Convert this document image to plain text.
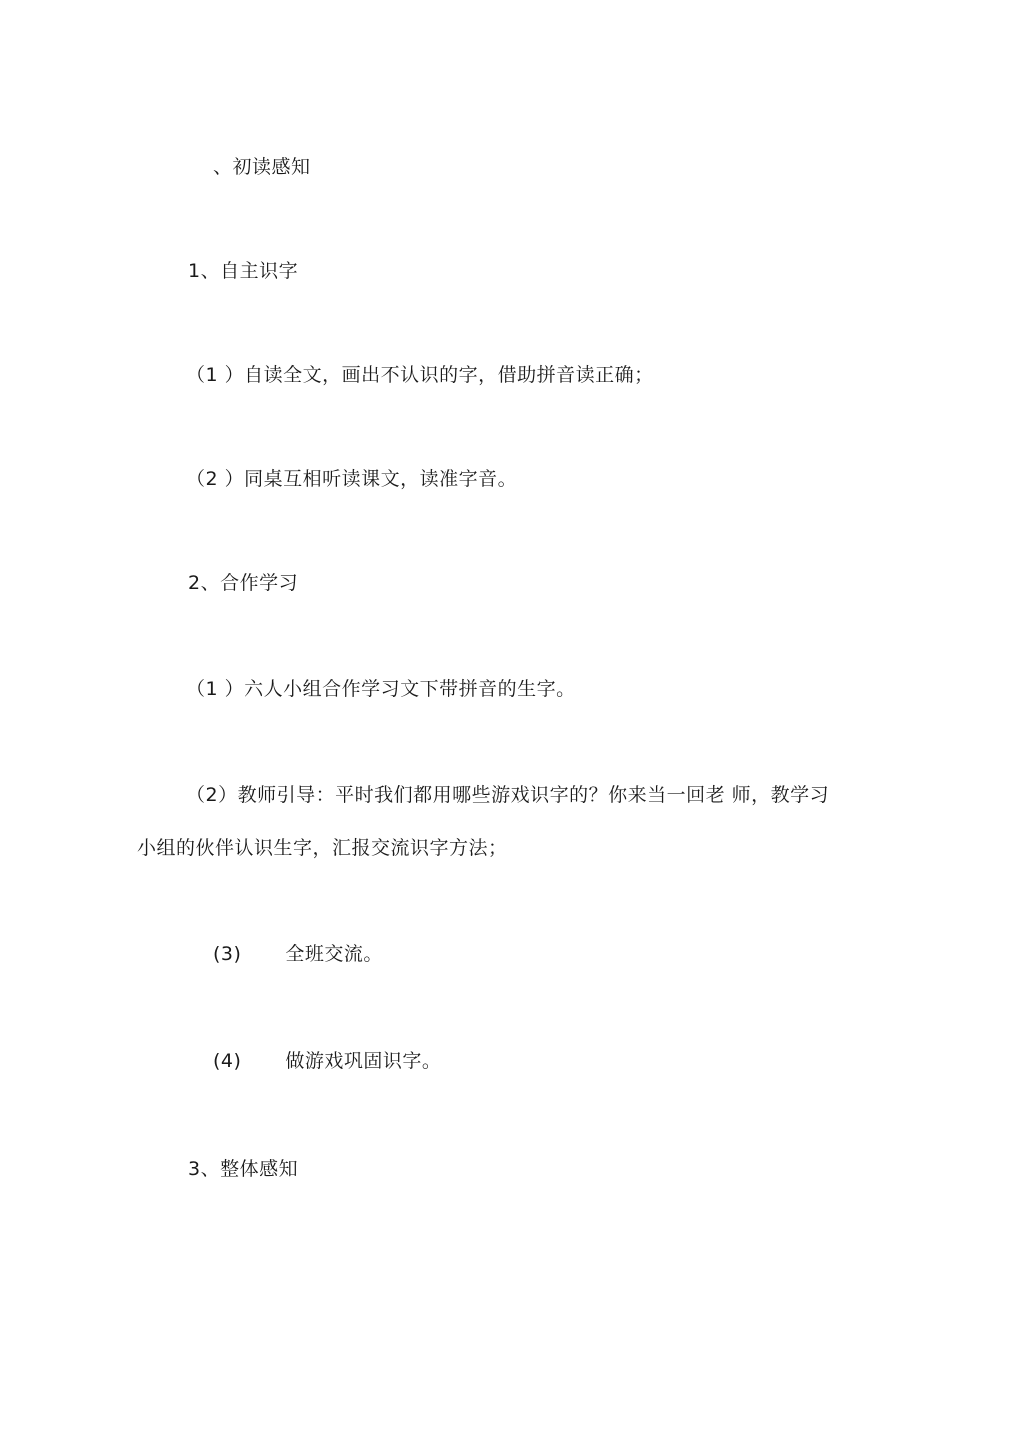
、初读感知
1、自主识字
（1 ）自读全文，画出不认识的字，借助拼音读正确；
（2 ）同桌互相听读课文，读准字音。
2、合作学习
（1 ）六人小组合作学习文下带拼音的生字。
（2）教师引导：平时我们都用哪些游戏识字的？你来当一回老 师，教学习
小组的伙伴认识生字，汇报交流识字方法；
(3) 全班交流。
(4) 做游戏巩固识字。
3、整体感知
